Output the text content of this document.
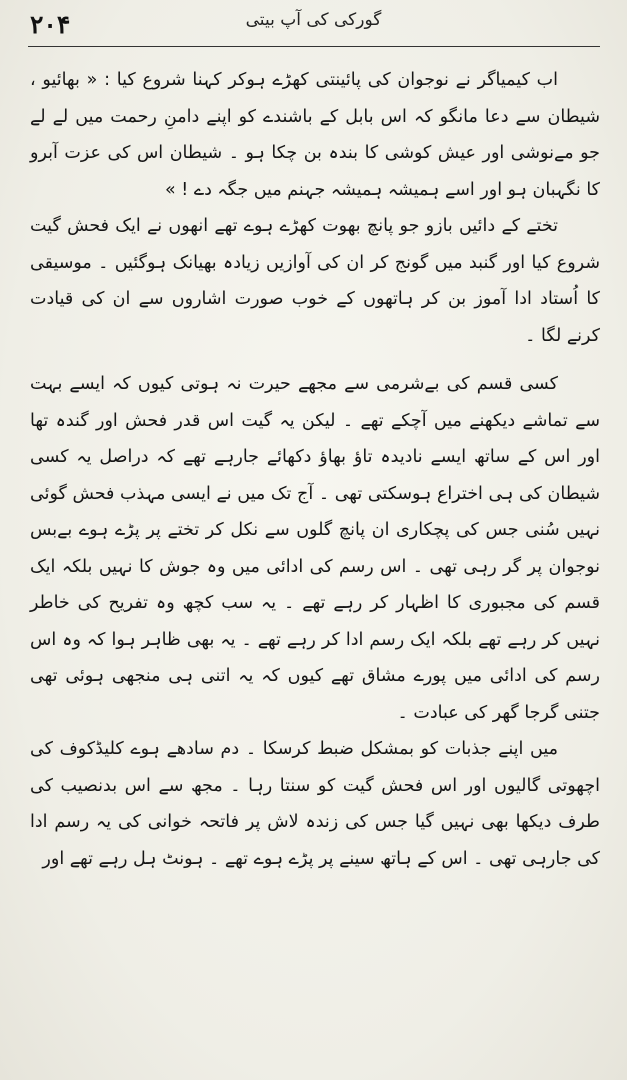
۲۰۴	گورکی کی آپ بیتی

اب کیمیاگر نے نوجوان کی پائینتی کھڑے ہوکر کہنا شروع کیا : « بھائیو ، شیطان سے دعا مانگو کہ اس بابل کے باشندے کو اپنے دامنِ رحمت میں لے لے جو مےنوشی اور عیش کوشی کا بندہ بن چکا ہو ۔ شیطان اس کی عزت آبرو کا نگہبان ہو اور اسے ہمیشہ ہمیشہ جہنم میں جگہ دے ! »

تختے کے دائیں بازو جو پانچ بھوت کھڑے ہوے تھے انھوں نے ایک فحش گیت شروع کیا اور گنبد میں گونج کر ان کی آوازیں زیادہ بھیانک ہوگئیں ۔ موسیقی کا اُستاد ادا آموز بن کر ہاتھوں کے خوب صورت اشاروں سے ان کی قیادت کرنے لگا ۔

کسی قسم کی بےشرمی سے مجھے حیرت نہ ہوتی کیوں کہ ایسے بہت سے تماشے دیکھنے میں آچکے تھے ۔ لیکن یہ گیت اس قدر فحش اور گندہ تھا اور اس کے ساتھ ایسے نادیدہ تاؤ بھاؤ دکھائے جارہے تھے کہ دراصل یہ کسی شیطان کی ہی اختراع ہوسکتی تھی ۔ آج تک میں نے ایسی مہذب فحش گوئی نہیں سُنی جس کی پچکاری ان پانچ گلوں سے نکل کر تختے پر پڑے ہوے بےبس نوجوان پر گر رہی تھی ۔ اس رسم کی ادائی میں وہ جوش کا نہیں بلکہ ایک قسم کی مجبوری کا اظہار کر رہے تھے ۔ یہ سب کچھ وہ تفریح کی خاطر نہیں کر رہے تھے بلکہ ایک رسم ادا کر رہے تھے ۔ یہ بھی ظاہر ہوا کہ وہ اس رسم کی ادائی میں پورے مشاق تھے کیوں کہ یہ اتنی ہی منجھی ہوئی تھی جتنی گرجا گھر کی عبادت ۔

میں اپنے جذبات کو بمشکل ضبط کرسکا ۔ دم سادھے ہوے کلیڈکوف کی اچھوتی گالیوں اور اس فحش گیت کو سنتا رہا ۔ مجھ سے اس بدنصیب کی طرف دیکھا بھی نہیں گیا جس کی زندہ لاش پر فاتحہ خوانی کی یہ رسم ادا کی جارہی تھی ۔ اس کے ہاتھ سینے پر پڑے ہوے تھے ۔ ہونٹ ہل رہے تھے اور
